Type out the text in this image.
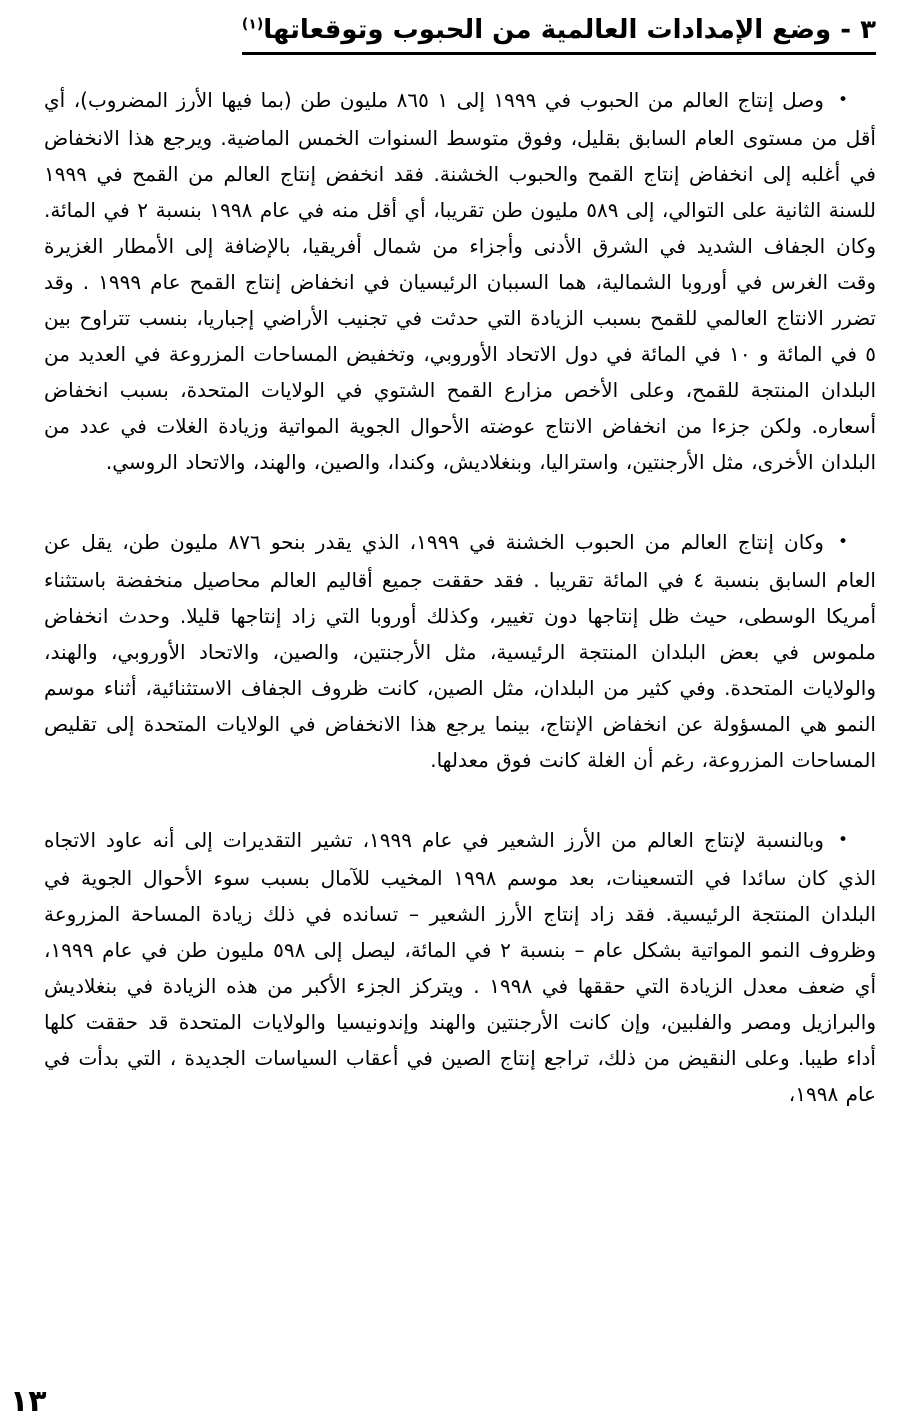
٣ - وضع الإمدادات العالمية من الحبوب وتوقعاتها$^{(١)}$

•وصل إنتاج العالم من الحبوب في ١٩٩٩ إلى ١ ٨٦٥ مليون طن (بما فيها الأرز المضروب)، أي أقل من مستوى العام السابق بقليل، وفوق متوسط السنوات الخمس الماضية. ويرجع هذا الانخفاض في أغلبه إلى انخفاض إنتاج القمح والحبوب الخشنة. فقد انخفض إنتاج العالم من القمح في ١٩٩٩ للسنة الثانية على التوالي، إلى ٥٨٩ مليون طن تقريبا، أي أقل منه في عام ١٩٩٨ بنسبة ٢ في المائة. وكان الجفاف الشديد في الشرق الأدنى وأجزاء من شمال أفريقيا، بالإضافة إلى الأمطار الغزيرة وقت الغرس في أوروبا الشمالية، هما السببان الرئيسيان في انخفاض إنتاج القمح عام ١٩٩٩ . وقد تضرر الانتاج العالمي للقمح بسبب الزيادة التي حدثت في تجنيب الأراضي إجباريا، بنسب تتراوح بين ٥ في المائة و ١٠ في المائة في دول الاتحاد الأوروبي، وتخفيض المساحات المزروعة في العديد من البلدان المنتجة للقمح، وعلى الأخص مزارع القمح الشتوي في الولايات المتحدة، بسبب انخفاض أسعاره. ولكن جزءا من انخفاض الانتاج عوضته الأحوال الجوية المواتية وزيادة الغلات في عدد من البلدان الأخرى، مثل الأرجنتين، واستراليا، وبنغلاديش، وكندا، والصين، والهند، والاتحاد الروسي.

•وكان إنتاج العالم من الحبوب الخشنة في ١٩٩٩، الذي يقدر بنحو ٨٧٦ مليون طن، يقل عن العام السابق بنسبة ٤ في المائة تقريبا . فقد حققت جميع أقاليم العالم محاصيل منخفضة باستثناء أمريكا الوسطى، حيث ظل إنتاجها دون تغيير، وكذلك أوروبا التي زاد إنتاجها قليلا. وحدث انخفاض ملموس في بعض البلدان المنتجة الرئيسية، مثل الأرجنتين، والصين، والاتحاد الأوروبي، والهند، والولايات المتحدة. وفي كثير من البلدان، مثل الصين، كانت ظروف الجفاف الاستثنائية، أثناء موسم النمو هي المسؤولة عن انخفاض الإنتاج، بينما يرجع هذا الانخفاض في الولايات المتحدة إلى تقليص المساحات المزروعة، رغم أن الغلة كانت فوق معدلها.

•وبالنسبة لإنتاج العالم من الأرز الشعير في عام ١٩٩٩، تشير التقديرات إلى أنه عاود الاتجاه الذي كان سائدا في التسعينات، بعد موسم ١٩٩٨ المخيب للآمال بسبب سوء الأحوال الجوية في البلدان المنتجة الرئيسية. فقد زاد إنتاج الأرز الشعير – تسانده في ذلك زيادة المساحة المزروعة وظروف النمو المواتية بشكل عام – بنسبة ٢ في المائة، ليصل إلى ٥٩٨ مليون طن في عام ١٩٩٩، أي ضعف معدل الزيادة التي حققها في ١٩٩٨ . ويتركز الجزء الأكبر من هذه الزيادة في بنغلاديش والبرازيل ومصر والفلبين، وإن كانت الأرجنتين والهند وإندونيسيا والولايات المتحدة قد حققت كلها أداء طيبا. وعلى النقيض من ذلك، تراجع إنتاج الصين في أعقاب السياسات الجديدة ، التي بدأت في عام ١٩٩٨،

١٣
